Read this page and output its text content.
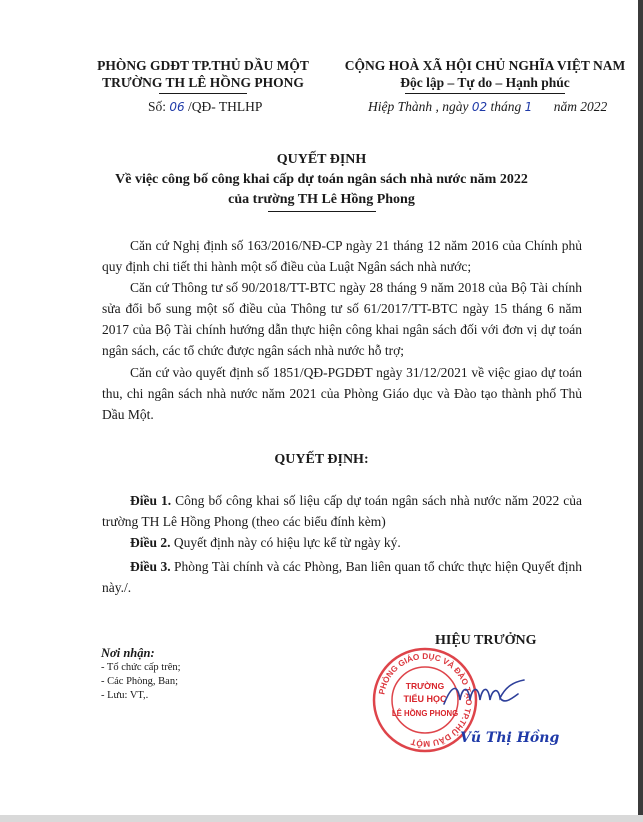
PHÒNG GDĐT TP.THỦ DẦU MỘT
TRƯỜNG TH LÊ HỒNG PHONG
CỘNG HOÀ XÃ HỘI CHỦ NGHĨA VIỆT NAM
Độc lập – Tự do – Hạnh phúc
Số: 06 /QĐ- THLHP	Hiệp Thành , ngày 02 tháng 1 năm 2022
QUYẾT ĐỊNH
Về việc công bố công khai cấp dự toán ngân sách nhà nước năm 2022
của trường TH Lê Hồng Phong
Căn cứ Nghị định số 163/2016/NĐ-CP ngày 21 tháng 12 năm 2016 của Chính phủ quy định chi tiết thi hành một số điều của Luật Ngân sách nhà nước;
Căn cứ Thông tư số 90/2018/TT-BTC ngày 28 tháng 9 năm 2018 của Bộ Tài chính sửa đổi bổ sung một số điều của Thông tư số 61/2017/TT-BTC ngày 15 tháng 6 năm 2017 của Bộ Tài chính hướng dẫn thực hiện công khai ngân sách đối với đơn vị dự toán ngân sách, các tổ chức được ngân sách nhà nước hỗ trợ;
Căn cứ vào quyết định số 1851/QĐ-PGDĐT ngày 31/12/2021 về việc giao dự toán thu, chi ngân sách nhà nước năm 2021 của Phòng Giáo dục và Đào tạo thành phố Thủ Dầu Một.
QUYẾT ĐỊNH:
Điều 1. Công bố công khai số liệu cấp dự toán ngân sách nhà nước năm 2022 của trường TH Lê Hồng Phong (theo các biểu đính kèm)
Điều 2. Quyết định này có hiệu lực kể từ ngày ký.
Điều 3. Phòng Tài chính và các Phòng, Ban liên quan tổ chức thực hiện Quyết định này./.
Nơi nhận:
- Tổ chức cấp trên;
- Các Phòng, Ban;
- Lưu: VT,.
HIỆU TRƯỞNG
PHÒNG GIÁO DỤC VÀ ĐÀO TẠO TP.THỦ DẦU MỘT
TRƯỜNG
TIỂU HỌC
LÊ HỒNG PHONG
Vũ Thị Hồng
